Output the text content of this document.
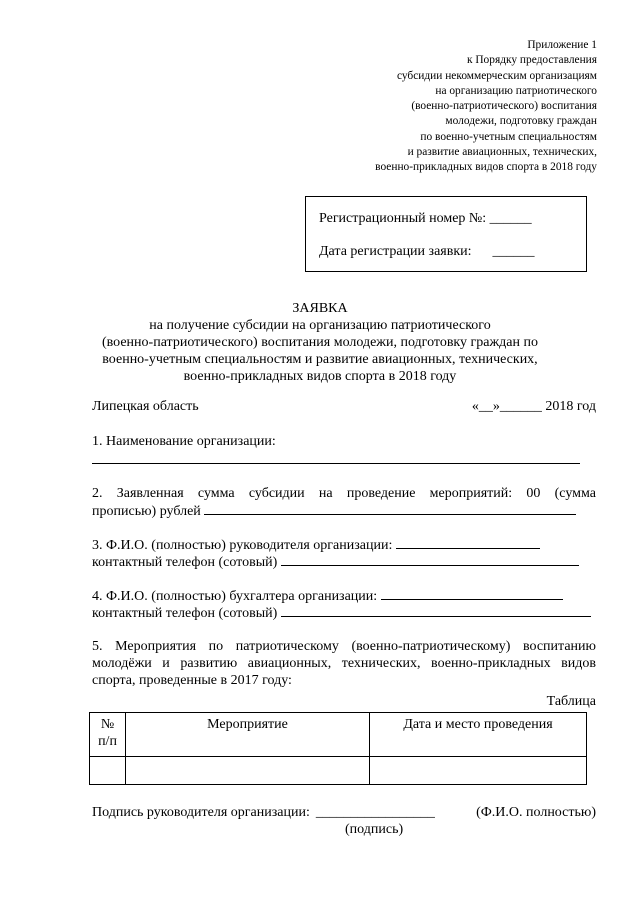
Приложение 1
к Порядку предоставления
субсидии некоммерческим организациям
на организацию патриотического
(военно-патриотического) воспитания
молодежи, подготовку граждан
по военно-учетным специальностям
и развитие авиационных, технических,
военно-прикладных видов спорта в 2018 году
Регистрационный номер №: ______
Дата регистрации заявки: ______
ЗАЯВКА
на получение субсидии на организацию патриотического
(военно-патриотического) воспитания молодежи, подготовку граждан по
военно-учетным специальностям и развитие авиационных, технических,
военно-прикладных видов спорта в 2018 году
Липецкая область	«__»______ 2018 год
1. Наименование организации:
2. Заявленная сумма субсидии на проведение мероприятий: 00 (сумма
прописью) рублей
3. Ф.И.О. (полностью) руководителя организации:
контактный телефон (сотовый)
4. Ф.И.О. (полностью) бухгалтера организации:
контактный телефон (сотовый)
5. Мероприятия по патриотическому (военно-патриотическому) воспитанию
молодёжи и развитию авиационных, технических, военно-прикладных видов
спорта, проведенные в 2017 году:
Таблица
№
п/п	Мероприятие	Дата и место проведения

Подпись руководителя организации: _________________	(Ф.И.О. полностью)
(подпись)
